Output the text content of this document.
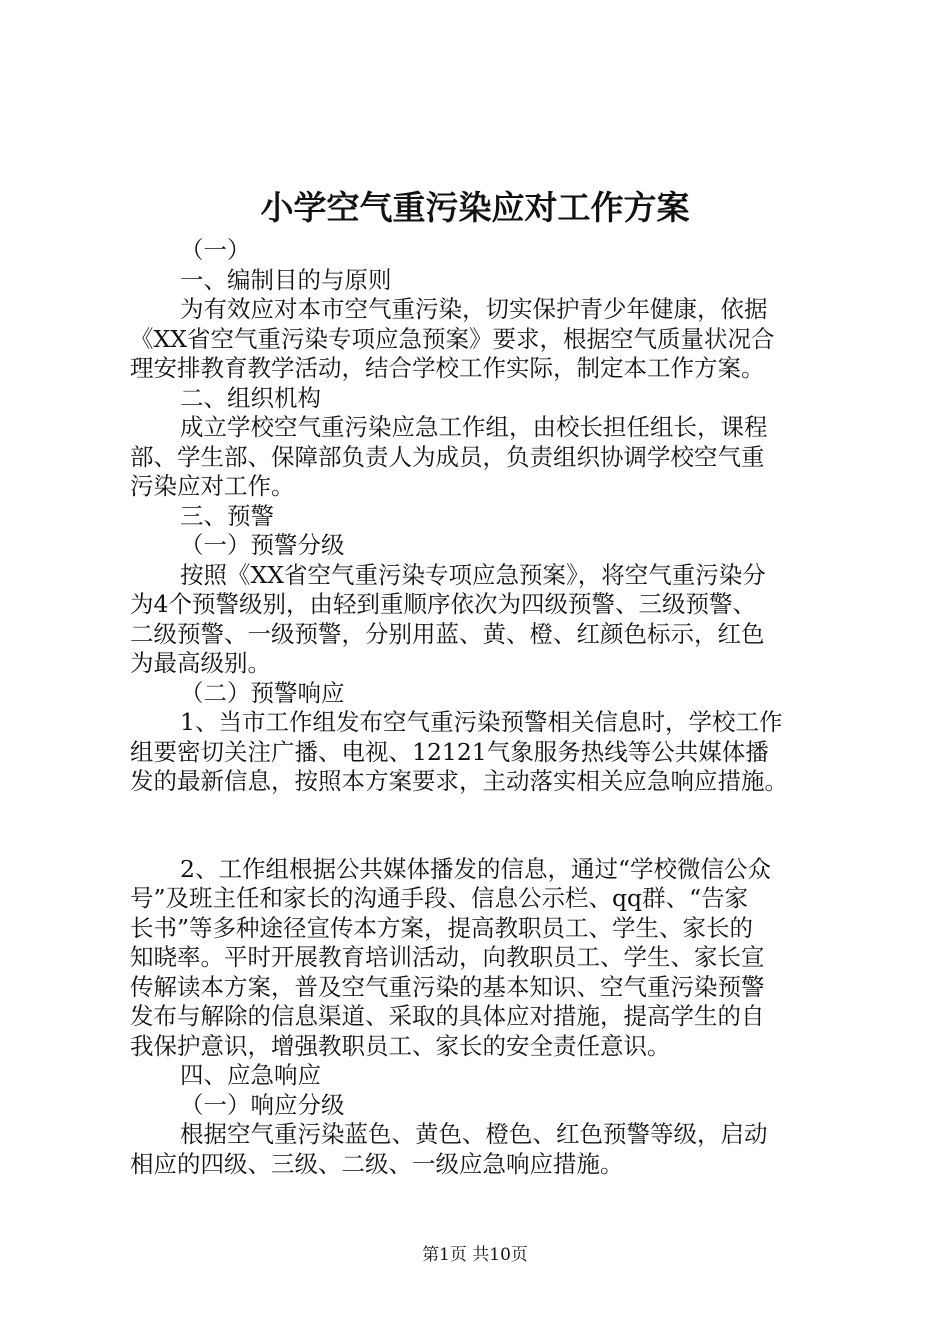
小学空气重污染应对工作方案
（一）
一、编制目的与原则
为有效应对本市空气重污染，切实保护青少年健康，依据
《XX省空气重污染专项应急预案》要求，根据空气质量状况合
理安排教育教学活动，结合学校工作实际，制定本工作方案。
二、组织机构
成立学校空气重污染应急工作组，由校长担任组长，课程
部、学生部、保障部负责人为成员，负责组织协调学校空气重
污染应对工作。
三、预警
（一）预警分级
按照《XX省空气重污染专项应急预案》，将空气重污染分
为4个预警级别，由轻到重顺序依次为四级预警、三级预警、
二级预警、一级预警，分别用蓝、黄、橙、红颜色标示，红色
为最高级别。
（二）预警响应
1、当市工作组发布空气重污染预警相关信息时，学校工作
组要密切关注广播、电视、12121气象服务热线等公共媒体播
发的最新信息，按照本方案要求，主动落实相关应急响应措施。
2、工作组根据公共媒体播发的信息，通过“学校微信公众
号”及班主任和家长的沟通手段、信息公示栏、qq群、“告家
长书”等多种途径宣传本方案，提高教职员工、学生、家长的
知晓率。平时开展教育培训活动，向教职员工、学生、家长宣
传解读本方案，普及空气重污染的基本知识、空气重污染预警
发布与解除的信息渠道、采取的具体应对措施，提高学生的自
我保护意识，增强教职员工、家长的安全责任意识。
四、应急响应
（一）响应分级
根据空气重污染蓝色、黄色、橙色、红色预警等级，启动
相应的四级、三级、二级、一级应急响应措施。
第1页 共10页
